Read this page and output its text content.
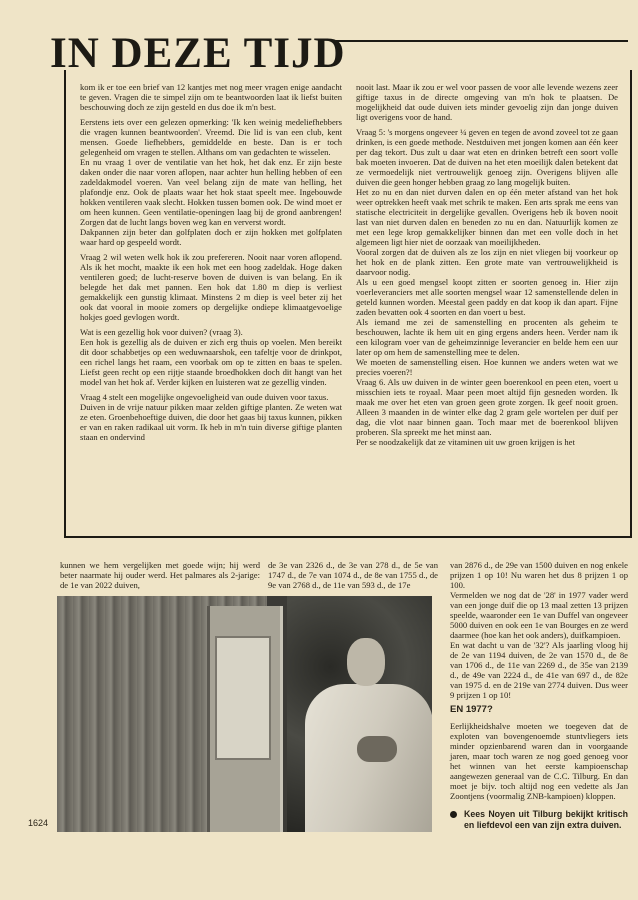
IN DEZE TIJD

kom ik er toe een brief van 12 kantjes met nog meer vragen enige aandacht te geven. Vragen die te simpel zijn om te beantwoorden laat ik liefst buiten beschouwing doch ze zijn gesteld en dus doe ik m'n best.

Eerstens iets over een gelezen opmerking: 'Ik ken weinig medeliefhebbers die vragen kunnen beantwoorden'. Vreemd. Die lid is van een club, kent mensen. Goede liefhebbers, gemiddelde en beste. Dan is er toch gelegenheid om vragen te stellen. Althans om van gedachten te wisselen.

En nu vraag 1 over de ventilatie van het hok, het dak enz. Er zijn beste daken onder die naar voren aflopen, naar achter hun helling hebben of een zadeldakmodel voeren. Van veel belang zijn de mate van helling, het plafondje enz. Ook de plaats waar het hok staat speelt mee. Ingebouwde hokken ventileren vaak slecht. Hokken tussen bomen ook. De wind moet er om heen kunnen. Geen ventilatie-openingen laag bij de grond aanbrengen! Zorgen dat de lucht langs boven weg kan en ververst wordt.

Dakpannen zijn beter dan golfplaten doch er zijn hokken met golfplaten waar hard op gespeeld wordt.

Vraag 2 wil weten welk hok ik zou prefereren. Nooit naar voren aflopend. Als ik het mocht, maakte ik een hok met een hoog zadeldak. Hoge daken ventileren goed; de lucht-reserve boven de duiven is van belang. En ik belegde het dak met pannen. Een hok dat 1.80 m diep is verliest gemakkelijk een gunstig klimaat. Minstens 2 m diep is veel beter zij het ook dat vooral in mooie zomers op dergelijke ondiepe klimaatgevoelige hokjes goed gevlogen wordt.

Wat is een gezellig hok voor duiven? (vraag 3).

Een hok is gezellig als de duiven er zich erg thuis op voelen. Men bereikt dit door schabbetjes op een weduwnaarshok, een tafeltje voor de drinkpot, een richel langs het raam, een voorbak om op te zitten en baas te spelen. Liefst geen recht op een rijtje staande broedhokken doch dit hangt van het model van het hok af. Verder kijken en luisteren wat ze gezellig vinden.

Vraag 4 stelt een mogelijke ongevoeligheid van oude duiven voor taxus.

Duiven in de vrije natuur pikken maar zelden giftige planten. Ze weten wat ze eten. Groenbehoeftige duiven, die door het gaas bij taxus kunnen, pikken er van en raken radikaal uit vorm. Ik heb in m'n tuin diverse giftige planten staan en ondervind

nooit last. Maar ik zou er wel voor passen de voor alle levende wezens zeer giftige taxus in de directe omgeving van m'n hok te plaatsen. De mogelijkheid dat oude duiven iets minder gevoelig zijn dan jonge duiven ligt overigens voor de hand.

Vraag 5: 's morgens ongeveer ¼ geven en tegen de avond zoveel tot ze gaan drinken, is een goede methode. Nestduiven met jongen komen aan één keer per dag tekort. Dus zult u daar wat eten en drinken betreft een soort volle bak moeten invoeren. Dat de duiven na het eten moeilijk dalen betekent dat ze vermoedelijk niet vertrouwelijk genoeg zijn. Overigens blijven alle duiven die geen honger hebben graag zo lang mogelijk buiten.

Het zo nu en dan niet durven dalen en op één meter afstand van het hok weer optrekken heeft vaak met schrik te maken. Een arts sprak me eens van statische electriciteit in dergelijke gevallen. Overigens heb ik boven nooit last van niet durven dalen en beneden zo nu en dan. Natuurlijk komen ze met een lege krop gemakkelijker binnen dan met een volle doch in het algemeen ligt hier niet de oorzaak van moeilijkheden.

Vooral zorgen dat de duiven als ze los zijn en niet vliegen bij voorkeur op het hok en de plank zitten. Een grote mate van vertrouwelijkheid is daarvoor nodig.

Als u een goed mengsel koopt zitten er soorten genoeg in. Hier zijn voerleveranciers met alle soorten mengsel waar 12 samenstellende delen in geteld kunnen worden. Meestal geen paddy en dat koop ik dan apart. Fijne zaden bevatten ook 4 soorten en dan voert u best.

Als iemand me zei de samenstelling en procenten als geheim te beschouwen, lachte ik hem uit en ging ergens anders heen. Verder nam ik een kilogram voer van de geheimzinnige leverancier en belde hem een uur later op om hem de samenstelling mee te delen.

We moeten de samenstelling eisen. Hoe kunnen we anders weten wat we precies voeren?!

Vraag 6. Als uw duiven in de winter geen boerenkool en peen eten, voert u misschien iets te royaal. Maar peen moet altijd fijn gesneden worden. Ik maak me over het eten van groen geen grote zorgen. Ik geef nooit groen. Alleen 3 maanden in de winter elke dag 2 gram gele wortelen per duif per dag, die vlot naar binnen gaan. Toch maar met de boerenkool blijven proberen. Sla spreekt me het minst aan.

Per se noodzakelijk dat ze vitaminen uit uw groen krijgen is het

kunnen we hem vergelijken met goede wijn; hij werd beter naarmate hij ouder werd. Het palmares als 2-jarige: de 1e van 2022 duiven,

de 3e van 2326 d., de 3e van 278 d., de 5e van 1747 d., de 7e van 1074 d., de 8e van 1755 d., de 9e van 2768 d., de 11e van 593 d., de 17e

van 2876 d., de 29e van 1500 duiven en nog enkele prijzen 1 op 10! Nu waren het dus 8 prijzen 1 op 100.

Vermelden we nog dat de '28' in 1977 vader werd van een jonge duif die op 13 maal zetten 13 prijzen speelde, waaronder een 1e van Duffel van ongeveer 5000 duiven en ook een 1e van Bourges en ze werd daarmee (hoe kan het ook anders), duifkampioen.

En wat dacht u van de '32'? Als jaarling vloog hij de 2e van 1194 duiven, de 2e van 1570 d., de 8e van 1706 d., de 11e van 2269 d., de 35e van 2139 d., de 49e van 2224 d., de 41e van 697 d., de 82e van 1975 d. en de 219e van 2774 duiven. Dus weer 9 prijzen 1 op 10!

EN 1977?

Eerlijkheidshalve moeten we toegeven dat de exploten van bovengenoemde stuntvliegers iets minder opzienbarend waren dan in voorgaande jaren, maar toch waren ze nog goed genoeg voor het winnen van het eerste kampioenschap aangewezen generaal van de C.C. Tilburg. En dan moet je bijv. toch altijd nog een vedette als Jan Zoontjens (voormalig ZNB-kampioen) kloppen.

Kees Noyen uit Tilburg bekijkt kritisch en liefdevol een van zijn extra duiven.
1624
